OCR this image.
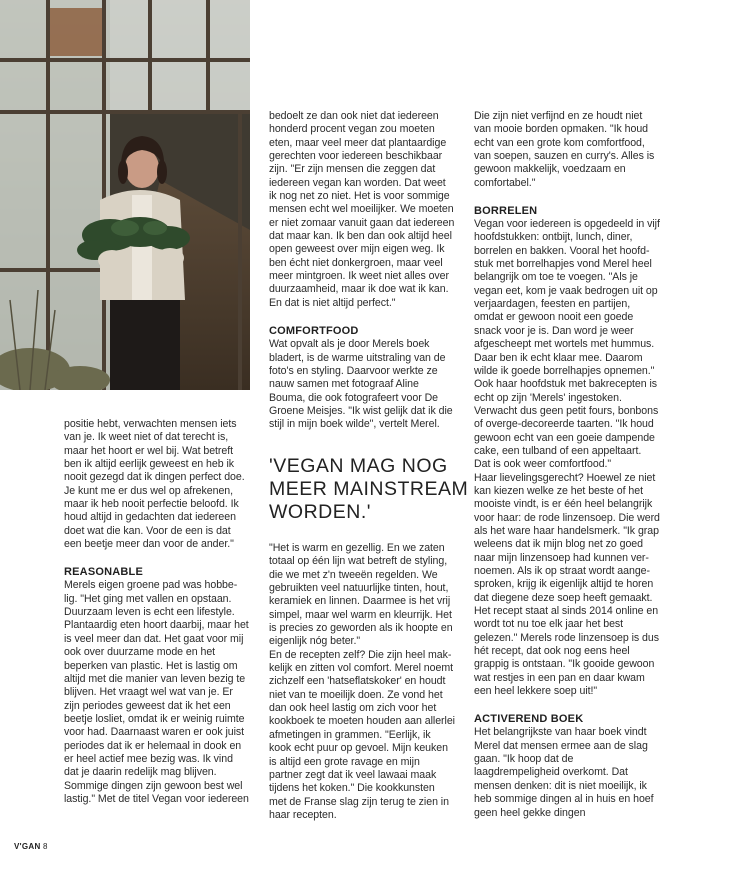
positie hebt, verwachten mensen iets van je. Ik weet niet of dat terecht is, maar het hoort er wel bij. Wat betreft ben ik altijd eerlijk geweest en heb ik nooit gezegd dat ik dingen perfect doe. Je kunt me er dus wel op afrekenen, maar ik heb nooit perfectie beloofd. Ik houd altijd in gedachten dat iedereen doet wat die kan. Voor de een is dat een beetje meer dan voor de ander."

REASONABLE

Merels eigen groene pad was hobbe-lig. "Het ging met vallen en opstaan. Duurzaam leven is echt een lifestyle. Plantaardig eten hoort daarbij, maar het is veel meer dan dat. Het gaat voor mij ook over duurzame mode en het beperken van plastic. Het is lastig om altijd met die manier van leven bezig te blijven. Het vraagt wel wat van je. Er zijn periodes geweest dat ik het een beetje losliet, omdat ik er weinig ruimte voor had. Daarnaast waren er ook juist periodes dat ik er helemaal in dook en er heel actief mee bezig was. Ik vind dat je daarin redelijk mag blijven. Sommige dingen zijn gewoon best wel lastig." Met de titel Vegan voor iedereen

bedoelt ze dan ook niet dat iedereen honderd procent vegan zou moeten eten, maar veel meer dat plantaardige gerechten voor iedereen beschikbaar zijn. "Er zijn mensen die zeggen dat iedereen vegan kan worden. Dat weet ik nog net zo niet. Het is voor sommige mensen echt wel moeilijker. We moeten er niet zomaar vanuit gaan dat iedereen dat maar kan. Ik ben dan ook altijd heel open geweest over mijn eigen weg. Ik ben écht niet donkergroen, maar veel meer mintgroen. Ik weet niet alles over duurzaamheid, maar ik doe wat ik kan. En dat is niet altijd perfect."

COMFORTFOOD

Wat opvalt als je door Merels boek bladert, is de warme uitstraling van de foto's en styling. Daarvoor werkte ze nauw samen met fotograaf Aline Bouma, die ook fotografeert voor De Groene Meisjes. "Ik wist gelijk dat ik die stijl in mijn boek wilde", vertelt Merel.

'VEGAN MAG NOG MEER MAINSTREAM WORDEN.'

"Het is warm en gezellig. En we zaten totaal op één lijn wat betreft de styling, die we met z'n tweeën regelden. We gebruikten veel natuurlijke tinten, hout, keramiek en linnen. Daarmee is het vrij simpel, maar wel warm en kleurrijk. Het is precies zo geworden als ik hoopte en eigenlijk nóg beter."

En de recepten zelf? Die zijn heel mak-kelijk en zitten vol comfort. Merel noemt zichzelf een 'hatseflatskoker' en houdt niet van te moeilijk doen. Ze vond het dan ook heel lastig om zich voor het kookboek te moeten houden aan allerlei afmetingen in grammen. "Eerlijk, ik kook echt puur op gevoel. Mijn keuken is altijd een grote ravage en mijn partner zegt dat ik veel lawaai maak tijdens het koken." Die kookkunsten met de Franse slag zijn terug te zien in haar recepten.

Die zijn niet verfijnd en ze houdt niet van mooie borden opmaken. "Ik houd echt van een grote kom comfortfood, van soepen, sauzen en curry's. Alles is gewoon makkelijk, voedzaam en comfortabel."

BORRELEN

Vegan voor iedereen is opgedeeld in vijf hoofdstukken: ontbijt, lunch, diner, borrelen en bakken. Vooral het hoofd-stuk met borrelhapjes vond Merel heel belangrijk om toe te voegen. "Als je vegan eet, kom je vaak bedrogen uit op verjaardagen, feesten en partijen, omdat er gewoon nooit een goede snack voor je is. Dan word je weer afgescheept met wortels met hummus. Daar ben ik echt klaar mee. Daarom wilde ik goede borrelhapjes opnemen." Ook haar hoofdstuk met bakrecepten is echt op zijn 'Merels' ingestoken. Verwacht dus geen petit fours, bonbons of overge-decoreerde taarten. "Ik houd gewoon echt van een goeie dampende cake, een tulband of een appeltaart. Dat is ook weer comfortfood."

Haar lievelingsgerecht? Hoewel ze niet kan kiezen welke ze het beste of het mooiste vindt, is er één heel belangrijk voor haar: de rode linzensoep. Die werd als het ware haar handelsmerk. "Ik grap weleens dat ik mijn blog net zo goed naar mijn linzensoep had kunnen ver-noemen. Als ik op straat wordt aange-sproken, krijg ik eigenlijk altijd te horen dat diegene deze soep heeft gemaakt. Het recept staat al sinds 2014 online en wordt tot nu toe elk jaar het best gelezen." Merels rode linzensoep is dus hét recept, dat ook nog eens heel grappig is ontstaan. "Ik gooide gewoon wat restjes in een pan en daar kwam een heel lekkere soep uit!"

ACTIVEREND BOEK

Het belangrijkste van haar boek vindt Merel dat mensen ermee aan de slag gaan. "Ik hoop dat de laagdrempeligheid overkomt. Dat mensen denken: dit is niet moeilijk, ik heb sommige dingen al in huis en hoef geen heel gekke dingen

V'GAN 8
